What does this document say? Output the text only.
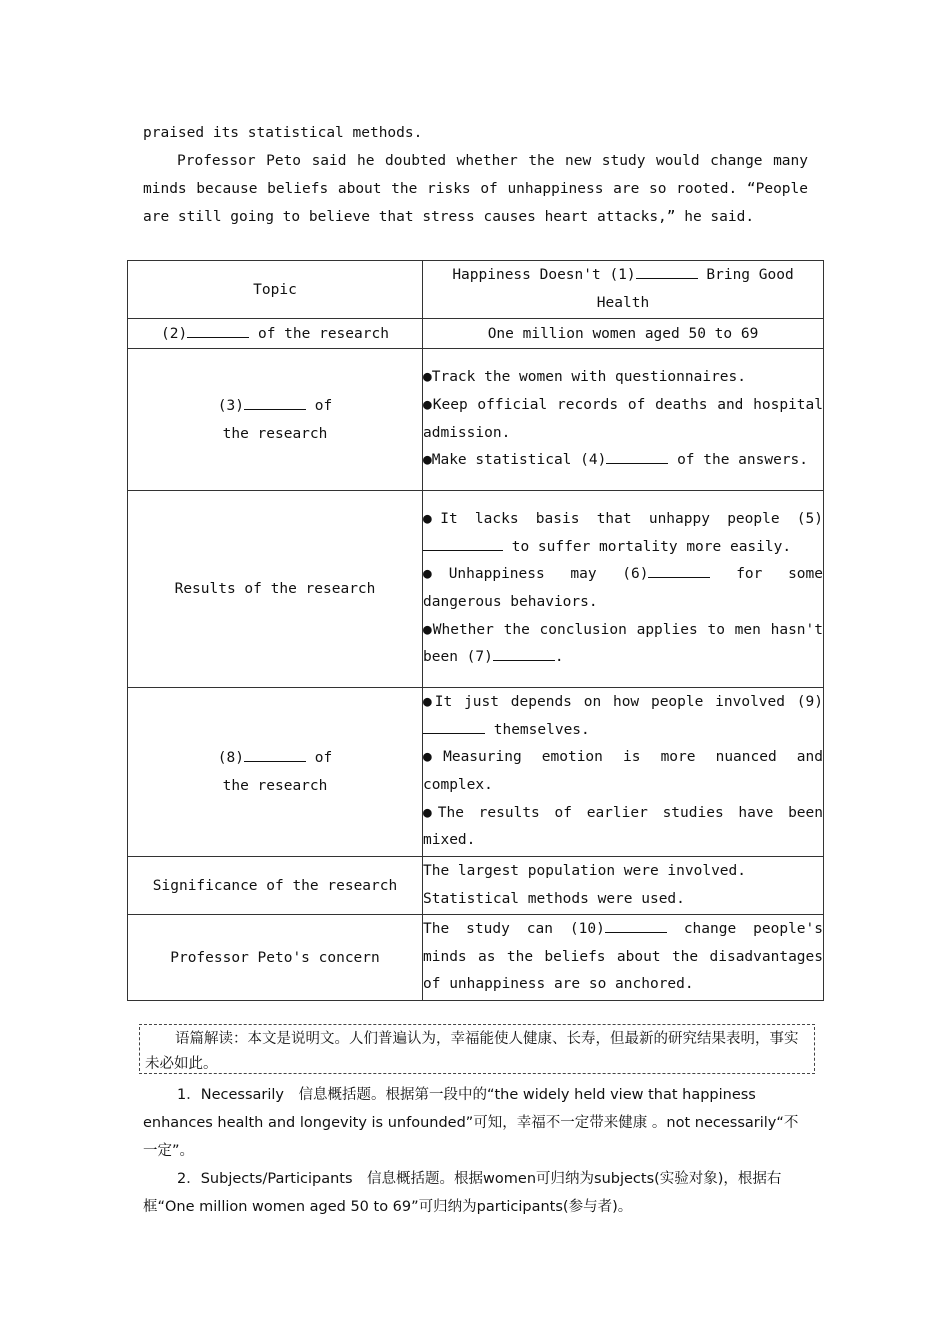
praised its statistical methods.
Professor Peto said he doubted whether the new study would change many minds because beliefs about the risks of unhappiness are so rooted. “People are still going to believe that stress causes heart attacks,” he said.
Topic	Happiness Doesn't (1) Bring Good Health
(2) of the research	One million women aged 50 to 69
(3) of
the research	●Track the women with questionnaires.
●Keep official records of deaths and hospital admission.
●Make statistical (4) of the answers.

Results of the research	●It lacks basis that unhappy people (5) to suffer mortality more easily.
●Unhappiness may (6) for some dangerous behaviors.
●Whether the conclusion applies to men hasn't been (7) .

(8) of
the research	●It just depends on how people involved (9) themselves.
●Measuring emotion is more nuanced and complex.
●The results of earlier studies have been mixed.

Significance of the research	The largest population were involved.
Statistical methods were used.

Professor Peto's concern	The study can (10) change people's minds as the beliefs about the disadvantages of unhappiness are so anchored.
语篇解读：本文是说明文。人们普遍认为，幸福能使人健康、长寿，但最新的研究结果表明，事实未必如此。
1．Necessarily　信息概括题。根据第一段中的“the widely held view that happiness enhances health and longevity is unfounded”可知，幸福不一定带来健康 。not necessarily“不一定”。
2．Subjects/Participants　信息概括题。根据women可归纳为subjects(实验对象)，根据右框“One million women aged 50 to 69”可归纳为participants(参与者)。
